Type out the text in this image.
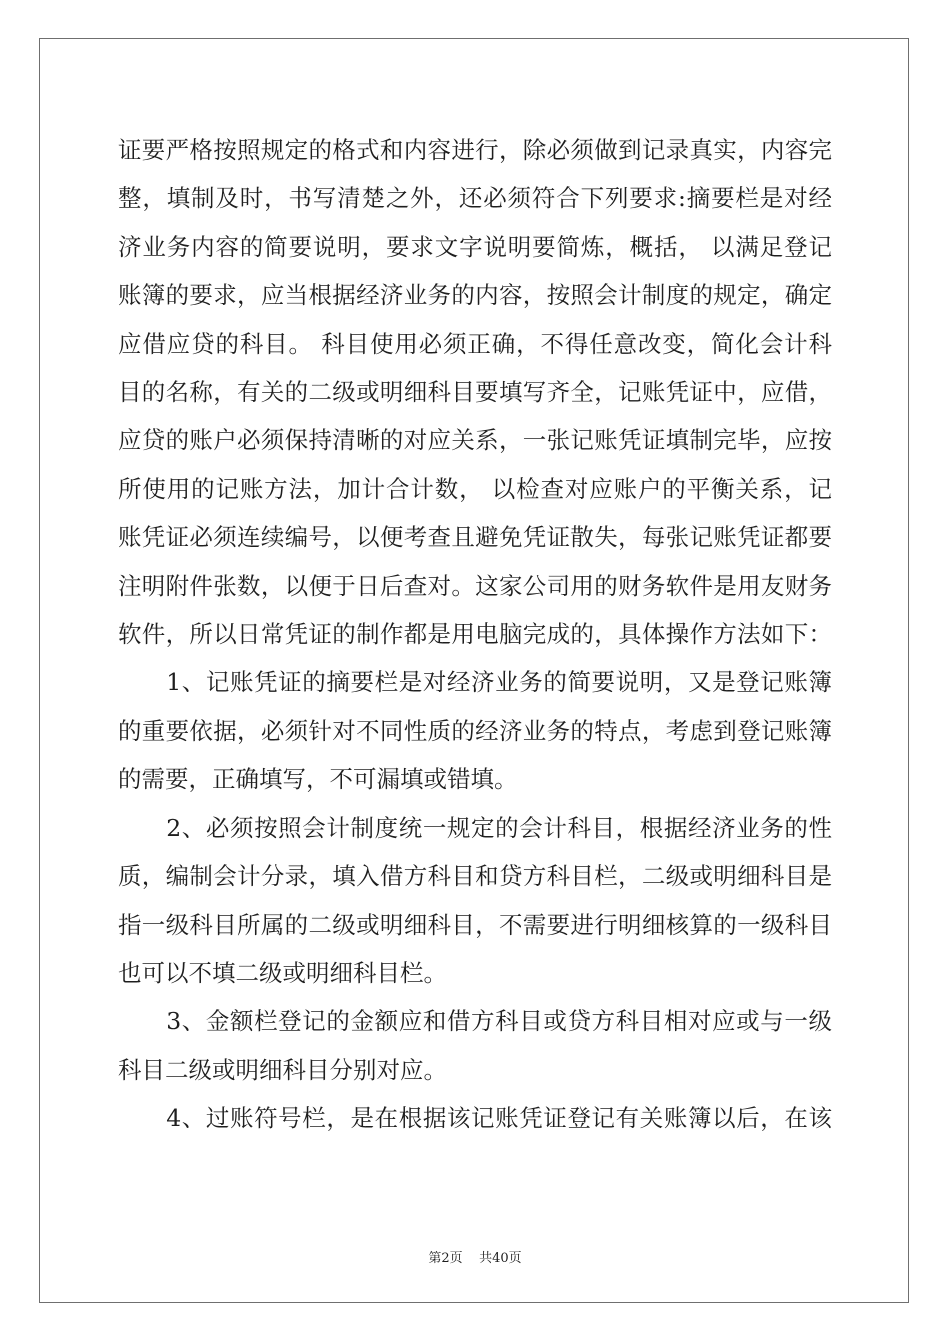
证要严格按照规定的格式和内容进行，除必须做到记录真实，内容完

整，填制及时，书写清楚之外，还必须符合下列要求:摘要栏是对经

济业务内容的简要说明，要求文字说明要简炼，概括， 以满足登记

账簿的要求，应当根据经济业务的内容，按照会计制度的规定，确定

应借应贷的科目。 科目使用必须正确，不得任意改变，简化会计科

目的名称，有关的二级或明细科目要填写齐全，记账凭证中，应借，

应贷的账户必须保持清晰的对应关系，一张记账凭证填制完毕，应按

所使用的记账方法，加计合计数， 以检查对应账户的平衡关系，记

账凭证必须连续编号，以便考查且避免凭证散失，每张记账凭证都要

注明附件张数，以便于日后查对。这家公司用的财务软件是用友财务

软件，所以日常凭证的制作都是用电脑完成的，具体操作方法如下：

　　1、记账凭证的摘要栏是对经济业务的简要说明，又是登记账簿

的重要依据，必须针对不同性质的经济业务的特点，考虑到登记账簿

的需要，正确填写，不可漏填或错填。

　　2、必须按照会计制度统一规定的会计科目，根据经济业务的性

质，编制会计分录，填入借方科目和贷方科目栏，二级或明细科目是

指一级科目所属的二级或明细科目，不需要进行明细核算的一级科目

也可以不填二级或明细科目栏。

　　3、金额栏登记的金额应和借方科目或贷方科目相对应或与一级

科目二级或明细科目分别对应。

　　4、过账符号栏，是在根据该记账凭证登记有关账簿以后，在该

第2页 共40页
